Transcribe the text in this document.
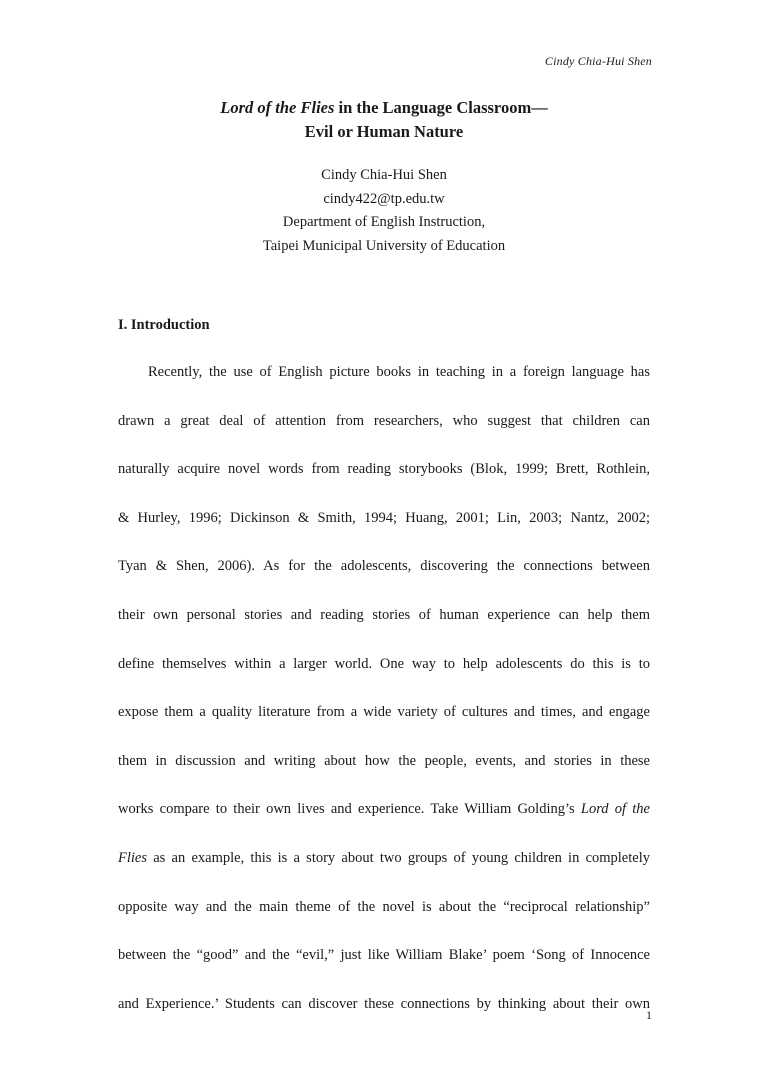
Cindy Chia-Hui Shen
Lord of the Flies in the Language Classroom—
Evil or Human Nature
Cindy Chia-Hui Shen
cindy422@tp.edu.tw
Department of English Instruction,
Taipei Municipal University of Education
I. Introduction
Recently, the use of English picture books in teaching in a foreign language has
drawn a great deal of attention from researchers, who suggest that children can
naturally acquire novel words from reading storybooks (Blok, 1999; Brett, Rothlein,
& Hurley, 1996; Dickinson & Smith, 1994; Huang, 2001; Lin, 2003; Nantz, 2002;
Tyan & Shen, 2006). As for the adolescents, discovering the connections between
their own personal stories and reading stories of human experience can help them
define themselves within a larger world. One way to help adolescents do this is to
expose them a quality literature from a wide variety of cultures and times, and engage
them in discussion and writing about how the people, events, and stories in these
works compare to their own lives and experience. Take William Golding’s Lord of the
Flies as an example, this is a story about two groups of young children in completely
opposite way and the main theme of the novel is about the “reciprocal relationship”
between the “good” and the “evil,” just like William Blake’ poem ‘Song of Innocence
and Experience.’ Students can discover these connections by thinking about their own
1
